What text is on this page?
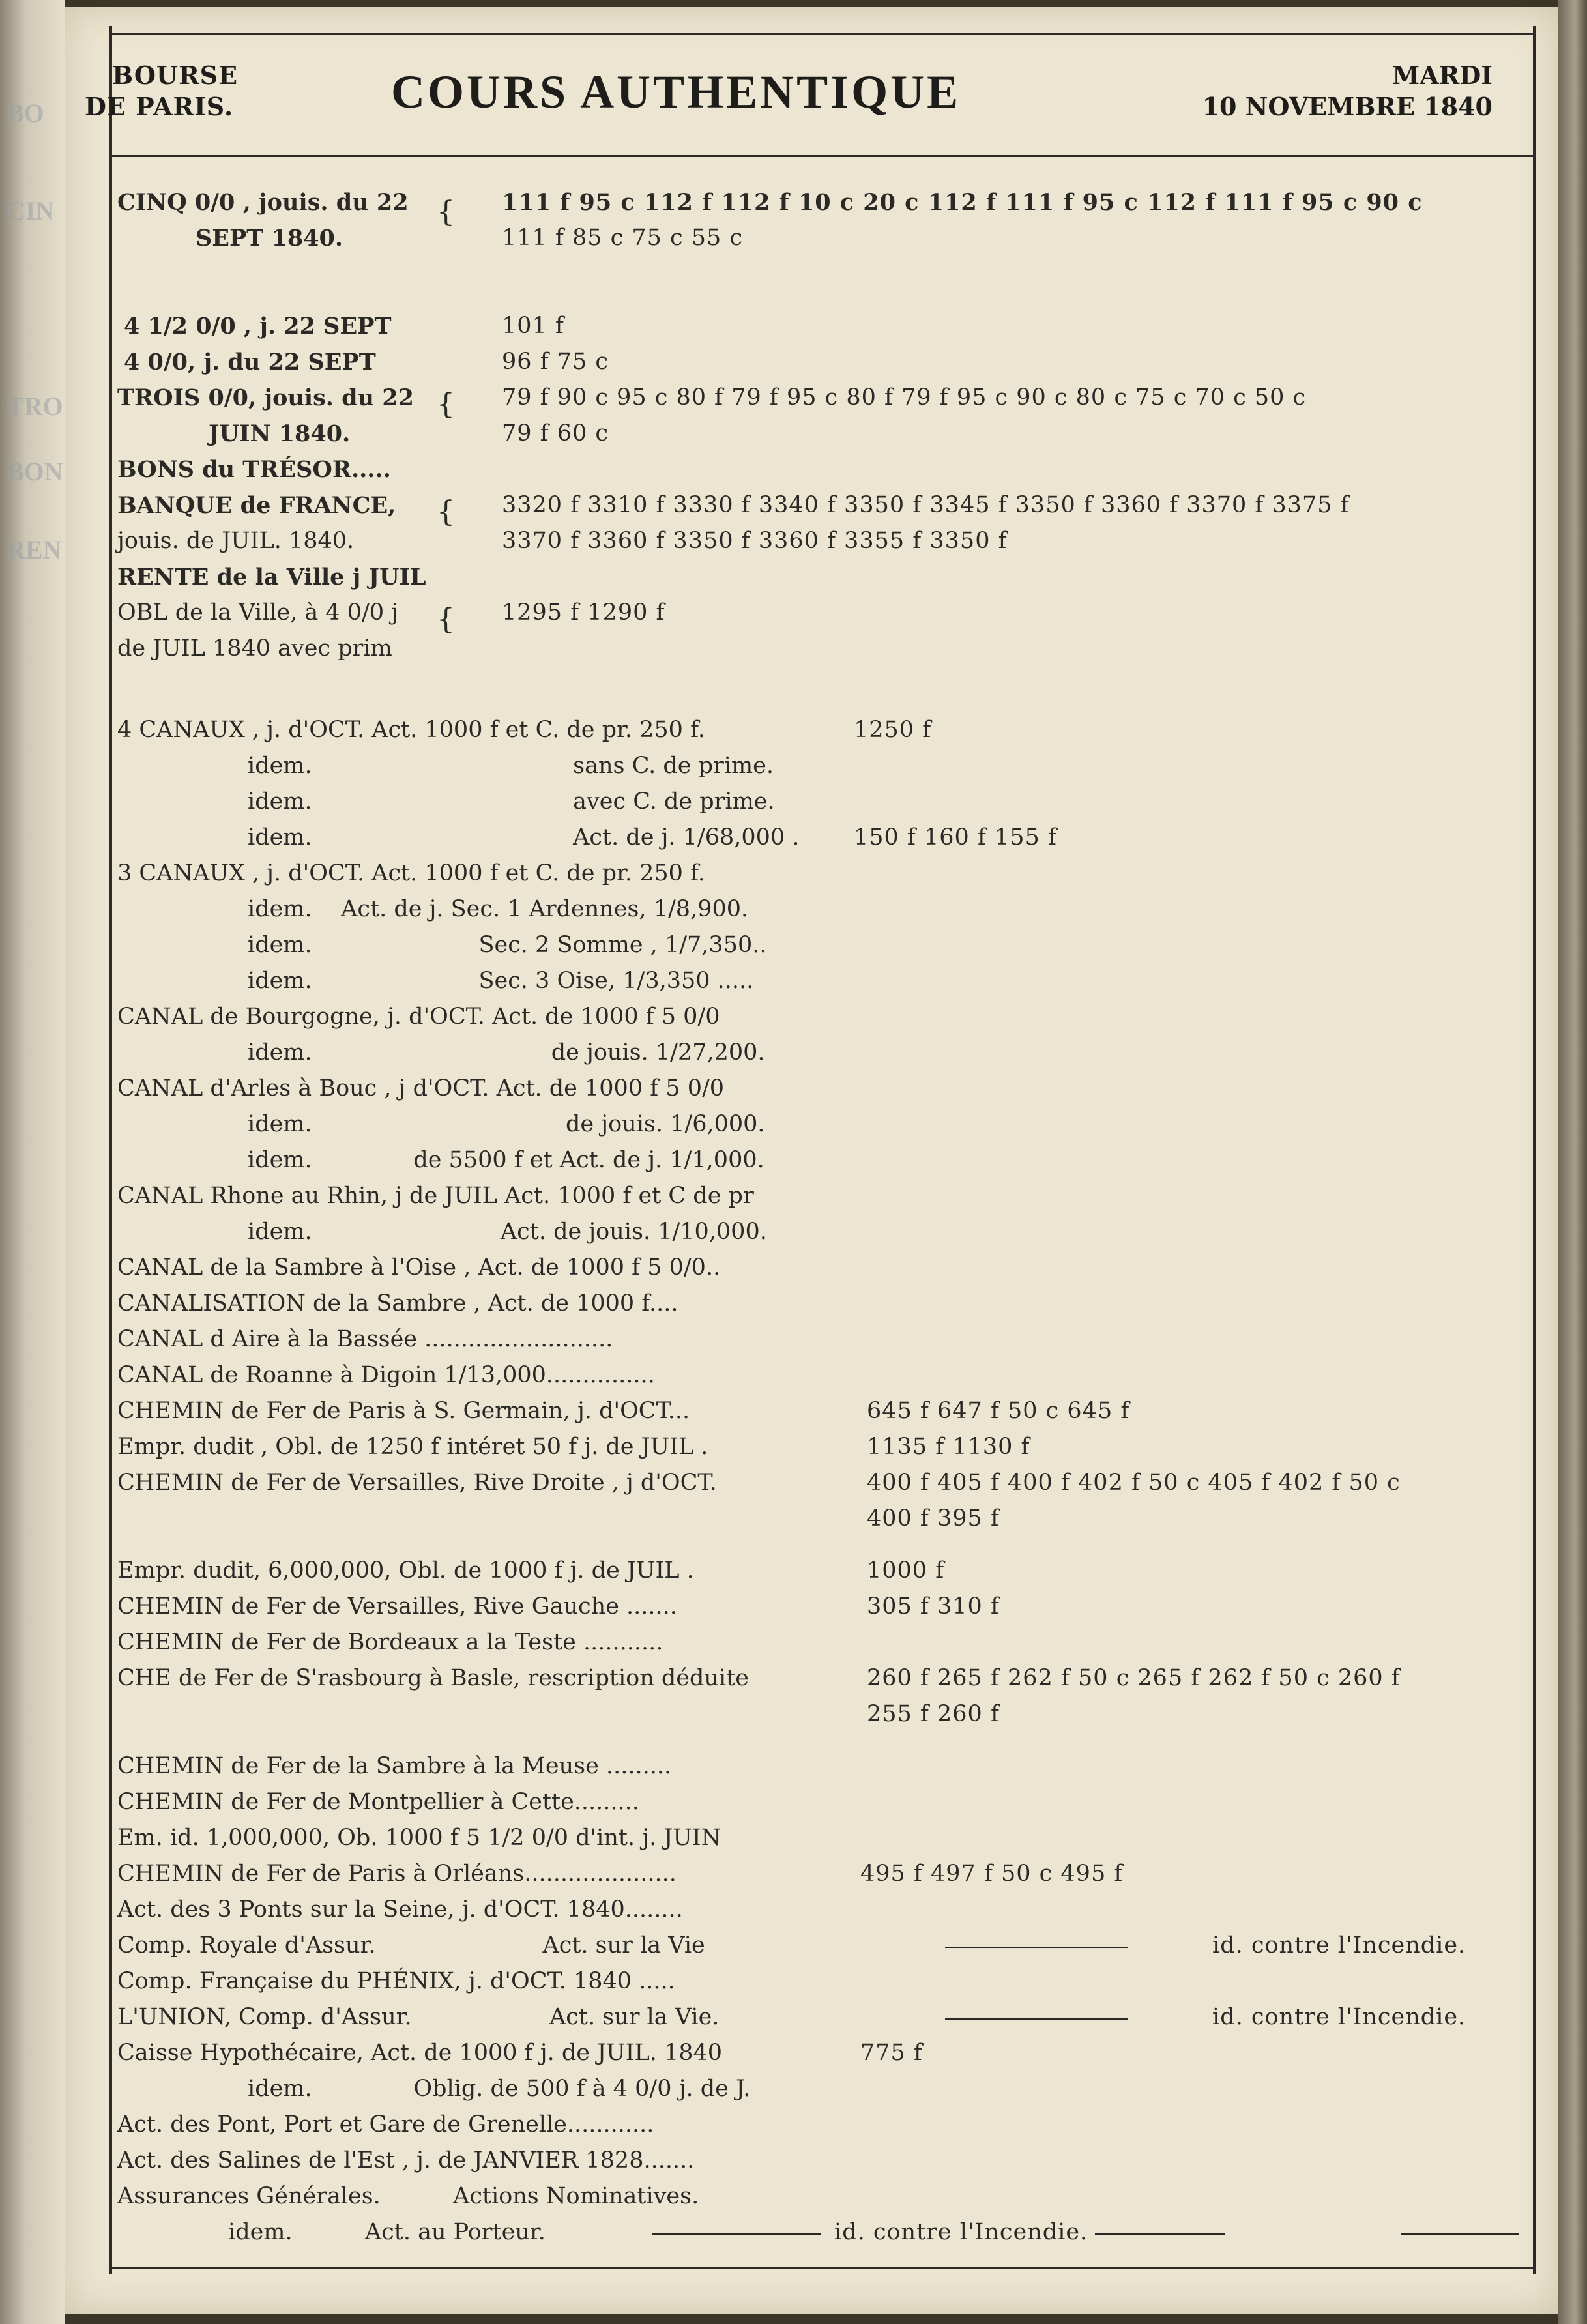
BO
CIN
TRO
BON
REN
BOURSE
DE PARIS.	COURS AUTHENTIQUE	MARDI
10 NOVEMBRE 1840
CINQ 0/0 , jouis. du 22	111 f 95 c 112 f 112 f 10 c 20 c 112 f 111 f 95 c 112 f 111 f 95 c 90 c
SEPT 1840.	111 f 85 c 75 c 55 c
{
4 1/2 0/0 , j. 22 SEPT	101 f
4 0/0, j. du 22 SEPT	96 f 75 c
TROIS 0/0, jouis. du 22	79 f 90 c 95 c 80 f 79 f 95 c 80 f 79 f 95 c 90 c 80 c 75 c 70 c 50 c
JUIN 1840.	79 f 60 c
{
BONS du TRÉSOR.....
BANQUE de FRANCE,	3320 f 3310 f 3330 f 3340 f 3350 f 3345 f 3350 f 3360 f 3370 f 3375 f
jouis. de JUIL. 1840.	3370 f 3360 f 3350 f 3360 f 3355 f 3350 f
{
RENTE de la Ville j JUIL
OBL de la Ville, à 4 0/0 j	1295 f 1290 f
de JUIL 1840 avec prim
{
4 CANAUX , j. d'OCT. Act. 1000 f et C. de pr. 250 f.	1250 f
idem.                                    sans C. de prime.
idem.                                    avec C. de prime.
idem.                                    Act. de j. 1/68,000 . 150 f 160 f 155 f
3 CANAUX , j. d'OCT. Act. 1000 f et C. de pr. 250 f.
idem.    Act. de j. Sec. 1 Ardennes, 1/8,900.
idem.                       Sec. 2 Somme , 1/7,350..
idem.                       Sec. 3 Oise, 1/3,350 .....
CANAL de Bourgogne, j. d'OCT. Act. de 1000 f 5 0/0
idem.                                 de jouis. 1/27,200.
CANAL d'Arles à Bouc , j d'OCT. Act. de 1000 f 5 0/0
idem.                                   de jouis. 1/6,000.
idem.              de 5500 f et Act. de j. 1/1,000.
CANAL Rhone au Rhin, j de JUIL Act. 1000 f et C de pr
idem.                          Act. de jouis. 1/10,000.
CANAL de la Sambre à l'Oise , Act. de 1000 f 5 0/0..
CANALISATION de la Sambre , Act. de 1000 f....
CANAL d Aire à la Bassée ..........................
CANAL de Roanne à Digoin 1/13,000...............
CHEMIN de Fer de Paris à S. Germain, j. d'OCT...	645 f 647 f 50 c 645 f
Empr. dudit , Obl. de 1250 f intéret 50 f j. de JUIL .	1135 f 1130 f
CHEMIN de Fer de Versailles, Rive Droite , j d'OCT.	400 f 405 f 400 f 402 f 50 c 405 f 402 f 50 c
400 f 395 f
Empr. dudit, 6,000,000, Obl. de 1000 f j. de JUIL .	1000 f
CHEMIN de Fer de Versailles, Rive Gauche .......	305 f 310 f
CHEMIN de Fer de Bordeaux a la Teste ...........
CHE de Fer de S'rasbourg à Basle, rescription déduite	260 f 265 f 262 f 50 c 265 f 262 f 50 c 260 f
255 f 260 f
CHEMIN de Fer de la Sambre à la Meuse .........
CHEMIN de Fer de Montpellier à Cette.........
Em. id. 1,000,000, Ob. 1000 f 5 1/2 0/0 d'int. j. JUIN
CHEMIN de Fer de Paris à Orléans.....................	495 f 497 f 50 c 495 f
Act. des 3 Ponts sur la Seine, j. d'OCT. 1840........
Comp. Royale d'Assur.                       Act. sur la Vie	id. contre l'Incendie.
Comp. Française du PHÉNIX, j. d'OCT. 1840 .....
L'UNION, Comp. d'Assur.                   Act. sur la Vie.	id. contre l'Incendie.
Caisse Hypothécaire, Act. de 1000 f j. de JUIL. 1840	775 f
idem.              Oblig. de 500 f à 4 0/0 j. de J.
Act. des Pont, Port et Gare de Grenelle............
Act. des Salines de l'Est , j. de JANVIER 1828.......
Assurances Générales.          Actions Nominatives.
idem.          Act. au Porteur.	id. contre l'Incendie.
